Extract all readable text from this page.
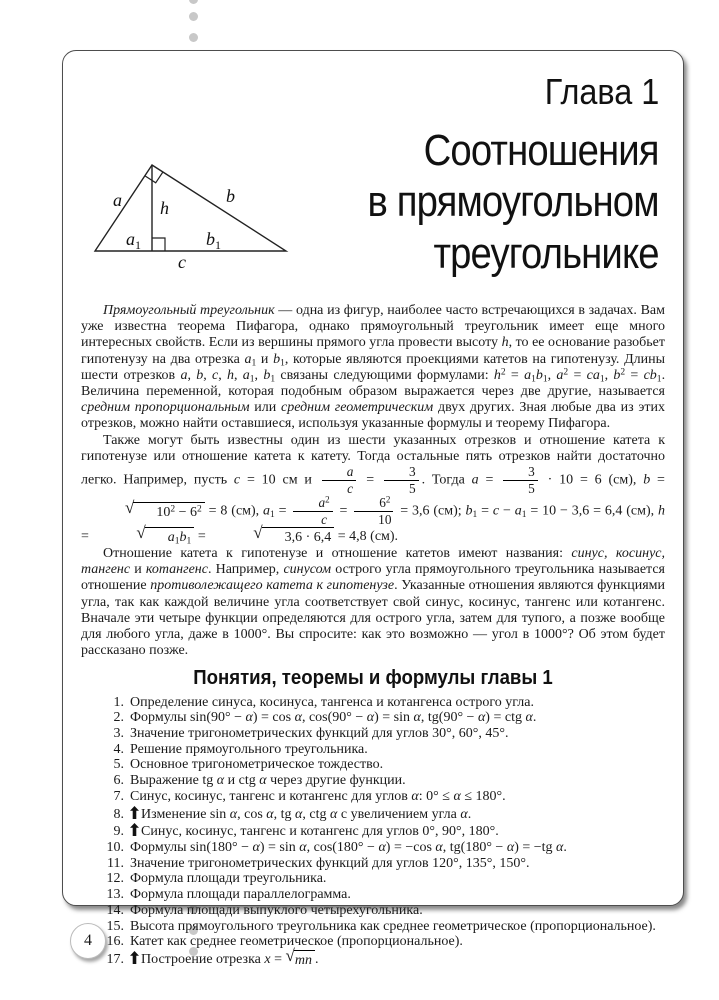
Глава 1
Соотношения
в прямоугольном
треугольнике
a h
b
a 1	b 1
c

Прямоугольный треугольник — одна из фигур, наиболее часто встречающихся в задачах. Вам уже известна теорема Пифагора, однако прямоугольный треугольник имеет еще много интересных свойств. Если из вершины прямого угла провести высоту h, то ее основание разобьет гипотенузу на два отрезка $a_1$ и $b_1$, которые являются проекциями катетов на гипотенузу. Длины шести отрезков a, b, c, h, $a_1$, $b_1$ связаны следующими формулами: $h^2 = a_1b_1$, $a^2 = ca_1$, $b^2 = cb_1$. Величина переменной, которая подобным образом выражается через две другие, называется средним пропорциональным или средним геометрическим двух других. Зная любые два из этих отрезков, можно найти оставшиеся, используя указанные формулы и теорему Пифагора.

Также могут быть известны один из шести указанных отрезков и отношение катета к гипотенузе или отношение катета к катету. Тогда остальные пять отрезков найти достаточно легко. Например, пусть c = 10 см и $\frac{a}{c} = \frac{3}{5}$ . Тогда $a = \frac{3}{5} \cdot 10 = 6$ (см), b = √ $10^2 - 6^2 = 8$ (см), $a_1 = \frac{a^2}{c} = \frac{6^2}{10} = 3,6$ (см); $b_1 = c - a_1 = 10 - 3,6 = 6,4$ (см), h =	√ $a_1b_1$ =	√ 3,6 · 6,4 = 4,8 (см).

Отношение катета к гипотенузе и отношение катетов имеют названия: синус, косинус, тангенс и котангенс. Например, синусом острого угла прямоугольного треугольника называется отношение противолежащего катета к гипотенузе. Указанные отношения являются функциями угла, так как каждой величине угла соответствует свой синус, косинус, тангенс или котангенс. Вначале эти четыре функции определяются для острого угла, затем для тупого, а позже вообще для любого угла, даже в 1000°. Вы спросите: как это возможно — угол в 1000°? Об этом будет рассказано позже.

Понятия, теоремы и формулы главы 1
1. Определение синуса, косинуса, тангенса и котангенса острого угла.
2. Формулы sin(90° − α) = cos α, cos(90° − α) = sin α, tg(90° − α) = ctg α.
3. Значение тригонометрических функций для углов 30°, 60°, 45°.
4. Решение прямоугольного треугольника.
5. Основное тригонометрическое тождество.
6. Выражение tg α и ctg α через другие функции.
7. Синус, косинус, тангенс и котангенс для углов α: 0° ≤ α ≤ 180°.
8.	Изменение sin α, cos α, tg α, ctg α с увеличением угла α.
9.	Синус, косинус, тангенс и котангенс для углов 0°, 90°, 180°.
10. Формулы sin(180° − α) = sin α, cos(180° − α) = −cos α, tg(180° − α) = −tg α.
11. Значение тригонометрических функций для углов 120°, 135°, 150°.
12. Формула площади треугольника.
13. Формула площади параллелограмма.
14. Формула площади выпуклого четырехугольника.
15. Высота прямоугольного треугольника как среднее геометрическое (пропорциональное).
16. Катет как среднее геометрическое (пропорциональное).
17.	Построение отрезка x = √mn .
4
